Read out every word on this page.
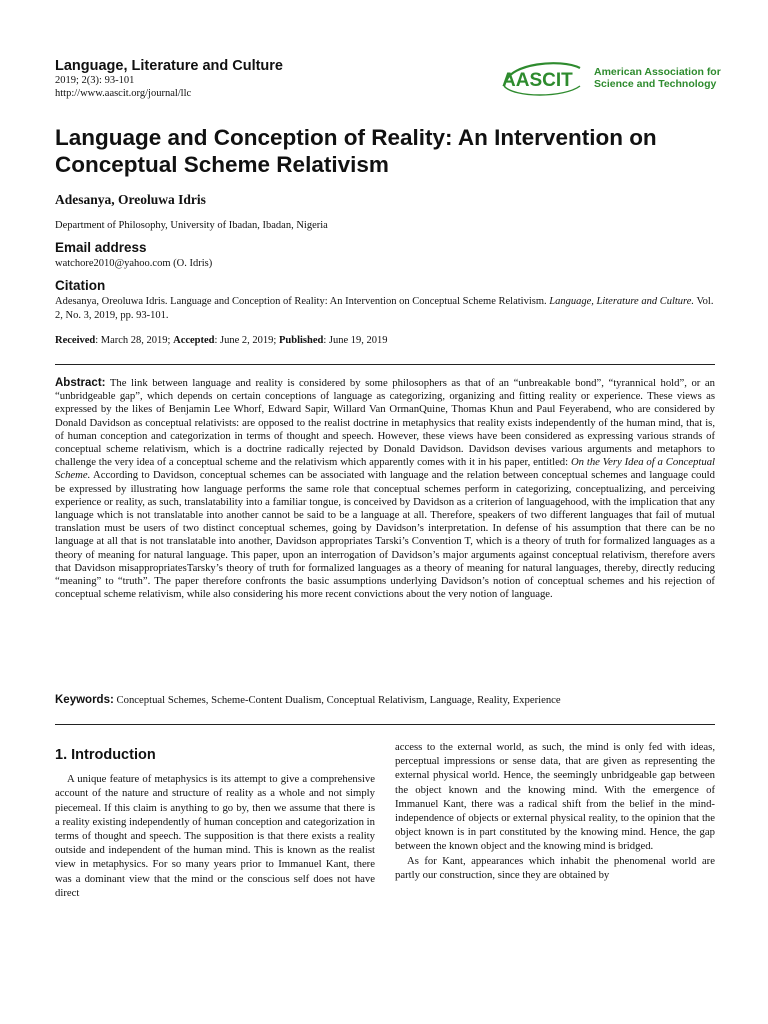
Language, Literature and Culture
2019; 2(3): 93-101
http://www.aascit.org/journal/llc
AASCIT American Association for
Science and Technology
Language and Conception of Reality: An Intervention on Conceptual Scheme Relativism
Adesanya, Oreoluwa Idris
Department of Philosophy, University of Ibadan, Ibadan, Nigeria
Email address
watchore2010@yahoo.com (O. Idris)
Citation
Adesanya, Oreoluwa Idris. Language and Conception of Reality: An Intervention on Conceptual Scheme Relativism. Language, Literature and Culture. Vol. 2, No. 3, 2019, pp. 93-101.
Received: March 28, 2019; Accepted: June 2, 2019; Published: June 19, 2019

Abstract: The link between language and reality is considered by some philosophers as that of an “unbreakable bond”, “tyrannical hold”, or an “unbridgeable gap”, which depends on certain conceptions of language as categorizing, organizing and fitting reality or experience. These views as expressed by the likes of Benjamin Lee Whorf, Edward Sapir, Willard Van OrmanQuine, Thomas Khun and Paul Feyerabend, who are considered by Donald Davidson as conceptual relativists: are opposed to the realist doctrine in metaphysics that reality exists independently of the human mind, that is, of human conception and categorization in terms of thought and speech. However, these views have been considered as expressing various strands of conceptual scheme relativism, which is a doctrine radically rejected by Donald Davidson. Davidson devises various arguments and metaphors to challenge the very idea of a conceptual scheme and the relativism which apparently comes with it in his paper, entitled: On the Very Idea of a Conceptual Scheme. According to Davidson, conceptual schemes can be associated with language and the relation between conceptual schemes and language could be expressed by illustrating how language performs the same role that conceptual schemes perform in categorizing, conceptualizing, and perceiving experience or reality, as such, translatability into a familiar tongue, is conceived by Davidson as a criterion of languagehood, with the implication that any language which is not translatable into another cannot be said to be a language at all. Therefore, speakers of two different languages that fail of mutual translation must be users of two distinct conceptual schemes, going by Davidson’s interpretation. In defense of his assumption that there can be no language at all that is not translatable into another, Davidson appropriates Tarski’s Convention T, which is a theory of truth for formalized languages as a theory of meaning for natural language. This paper, upon an interrogation of Davidson’s major arguments against conceptual relativism, therefore avers that Davidson misappropriatesTarsky’s theory of truth for formalized languages as a theory of meaning for natural languages, thereby, directly reducing “meaning” to “truth”. The paper therefore confronts the basic assumptions underlying Davidson’s notion of conceptual schemes and his rejection of conceptual scheme relativism, while also considering his more recent convictions about the very notion of language.

Keywords: Conceptual Schemes, Scheme-Content Dualism, Conceptual Relativism, Language, Reality, Experience
1. Introduction

A unique feature of metaphysics is its attempt to give a comprehensive account of the nature and structure of reality as a whole and not simply piecemeal. If this claim is anything to go by, then we assume that there is a reality existing independently of human conception and categorization in terms of thought and speech. The supposition is that there exists a reality outside and independent of the human mind. This is known as the realist view in metaphysics. For so many years prior to Immanuel Kant, there was a dominant view that the mind or the conscious self does not have direct

access to the external world, as such, the mind is only fed with ideas, perceptual impressions or sense data, that are given as representing the external physical world. Hence, the seemingly unbridgeable gap between the object known and the knowing mind. With the emergence of Immanuel Kant, there was a radical shift from the belief in the mind-independence of objects or external physical reality, to the opinion that the object known is in part constituted by the knowing mind. Hence, the gap between the known object and the knowing mind is bridged.

As for Kant, appearances which inhabit the phenomenal world are partly our construction, since they are obtained by
